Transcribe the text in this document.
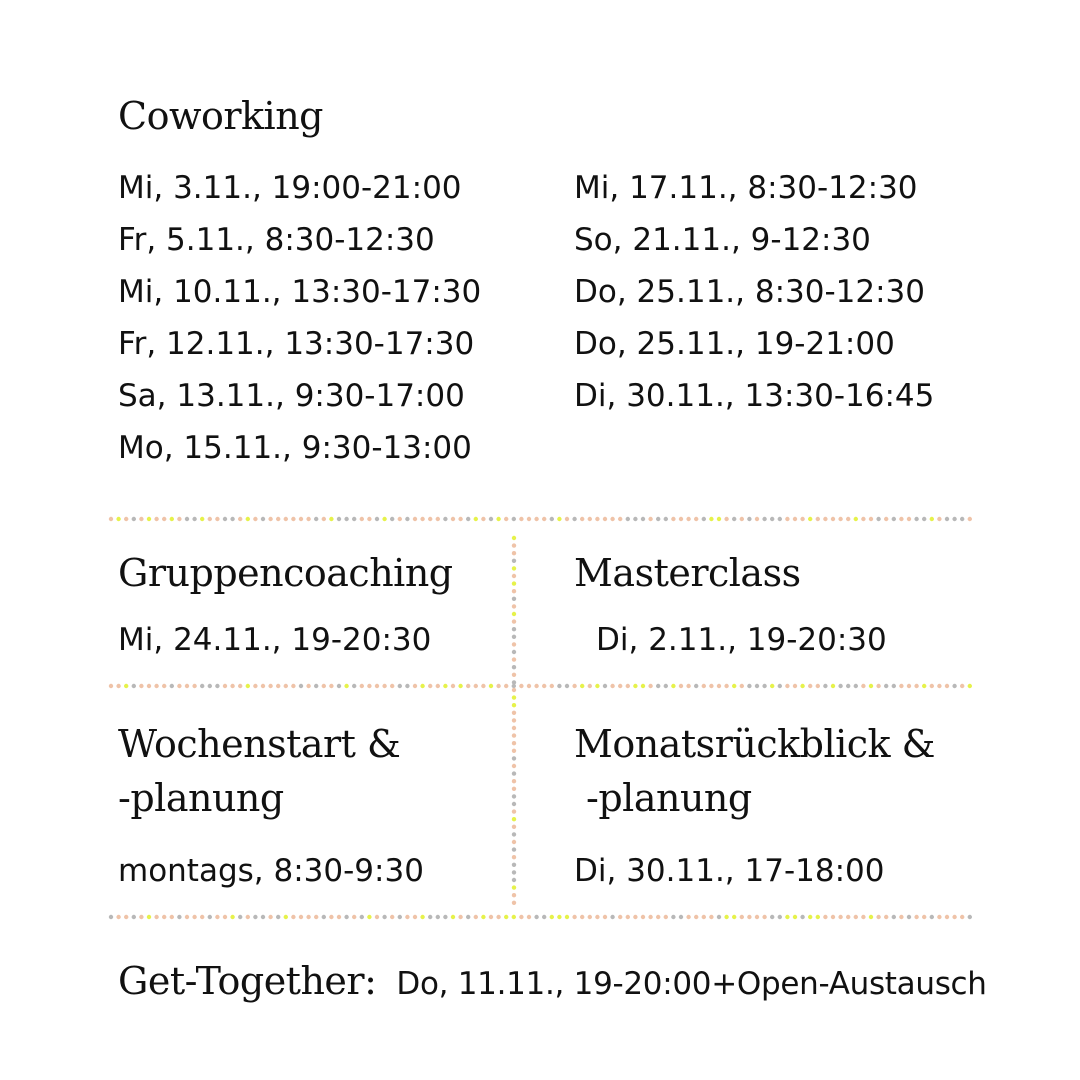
Coworking
Mi, 3.11., 19:00-21:00
Fr, 5.11., 8:30-12:30
Mi, 10.11., 13:30-17:30
Fr, 12.11., 13:30-17:30
Sa, 13.11., 9:30-17:00
Mo, 15.11., 9:30-13:00
Mi, 17.11., 8:30-12:30
So, 21.11., 9-12:30
Do, 25.11., 8:30-12:30
Do, 25.11., 19-21:00
Di, 30.11., 13:30-16:45
Gruppencoaching
Mi, 24.11., 19-20:30
Masterclass
Di, 2.11., 19-20:30
Wochenstart &
-planung
montags, 8:30-9:30
Monatsrückblick &
-planung
Di, 30.11., 17-18:00
Get-Together: Do, 11.11., 19-20:00+Open-Austausch
